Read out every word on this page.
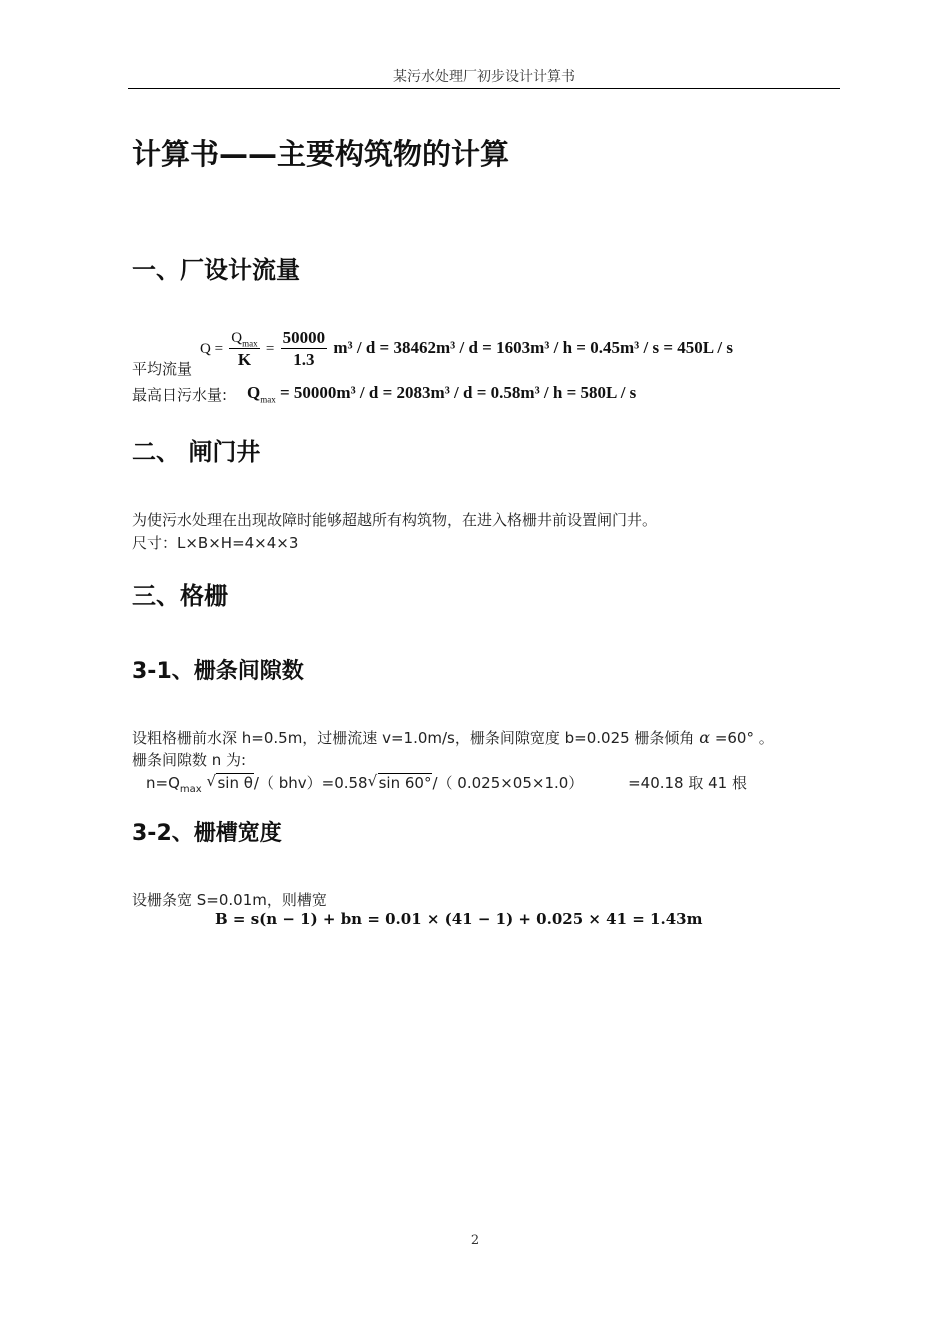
某污水处理厂初步设计计算书
计算书——主要构筑物的计算
一、厂设计流量
平均流量
$Q = \frac{Q_{max}}{K} = \frac{50000}{1.3} m^3 / d = 38462m^3 / d = 1603m^3 / h = 0.45m^3 / s = 450L / s$
最高日污水量: $Q_{max} = 50000m^3 / d = 2083m^3 / d = 0.58m^3 / h = 580L / s$
二、 闸门井
为使污水处理在出现故障时能够超越所有构筑物，在进入格栅井前设置闸门井。
尺寸：L×B×H=4×4×3
三、格栅
3-1、栅条间隙数
设粗格栅前水深 h=0.5m，过栅流速 v=1.0m/s，栅条间隙宽度 b=0.025 栅条倾角 α =60° 。
栅条间隙数 n 为:
$n=Q_{max}$ √ sin θ/（ bhv）=0.58 √ sin 60°/（ 0.025×05×1.0）	=40.18 取 41 根
3-2、栅槽宽度
设栅条宽 S=0.01m，则槽宽
B = s(n − 1) + bn = 0.01 × (41 − 1) + 0.025 × 41 = 1.43m
2
